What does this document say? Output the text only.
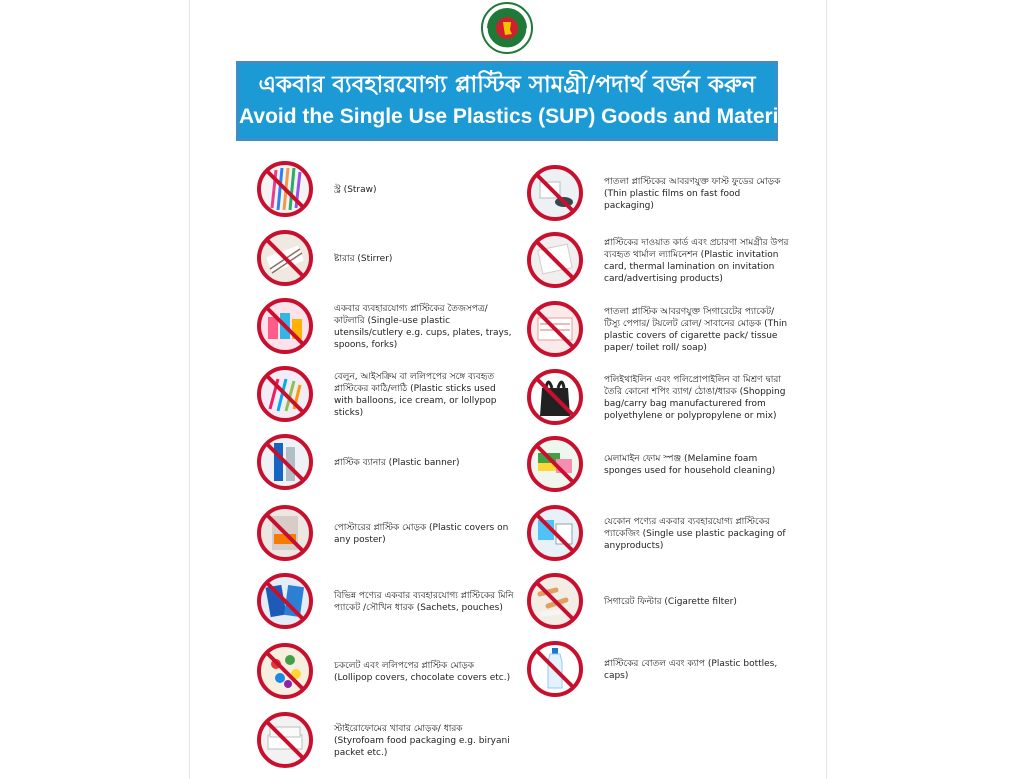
একবার ব্যবহারযোগ্য প্লাস্টিক সামগ্রী/পদার্থ বর্জন করুন
Avoid the Single Use Plastics (SUP) Goods and Materials
স্ট্র (Straw)
ষ্টারার (Stirrer)
একবার ব্যবহারযোগ্য প্লাস্টিকের তৈজসপত্র/ কাটলারি (Single-use plastic utensils/cutlery e.g. cups, plates, trays, spoons, forks)
বেলুন, আইসক্রিম বা ললিপপের সঙ্গে ব্যবহৃত প্লাস্টিকের কাঠি/লাঠি (Plastic sticks used with balloons, ice cream, or lollypop sticks)
প্লাস্টিক ব্যানার (Plastic banner)
পোস্টারের প্লাস্টিক মোড়ক (Plastic covers on any poster)
বিভিন্ন পণ্যের একবার ব্যবহারযোগ্য প্লাস্টিকের মিনি প্যাকেট /সৌখিন ধারক (Sachets, pouches)
চকলেট এবং ললিপপের প্লাস্টিক মোড়ক (Lollipop covers, chocolate covers etc.)
স্টাইরোফোমের খাবার মোড়ক/ ধারক (Styrofoam food packaging e.g. biryani packet etc.)
পাতলা প্লাস্টিকের আবরণযুক্ত ফাস্ট ফুডের মোড়ক (Thin plastic films on fast food packaging)
প্লাস্টিকের দাওয়াত কার্ড এবং প্রচারণা সামগ্রীর উপর ব্যবহৃত থার্মাল ল্যামিনেশন (Plastic invitation card, thermal lamination on invitation card/advertising products)
পাতলা প্লাস্টিক আবরণযুক্ত সিগারেটের প্যাকেট/ টিস্যু পেপার/ টয়লেট রোল/ সাবানের মোড়ক (Thin plastic covers of cigarette pack/ tissue paper/ toilet roll/ soap)
পলিইথাইলিন এবং পলিপ্রোপাইলিন বা মিশ্রণ দ্বারা তৈরি কোনো শপিং ব্যাগ/ ঠোঙা/ধারক (Shopping bag/carry bag manufacturered from polyethylene or polypropylene or mix)
মেলামাইন ফোম স্পঞ্জ (Melamine foam sponges used for household cleaning)
যেকোন পণ্যের একবার ব্যবহারযোগ্য প্লাস্টিকের প্যাকেজিং (Single use plastic packaging of anyproducts)
সিগারেট ফিল্টার (Cigarette filter)
প্লাস্টিকের বোতল এবং ক্যাপ (Plastic bottles, caps)
